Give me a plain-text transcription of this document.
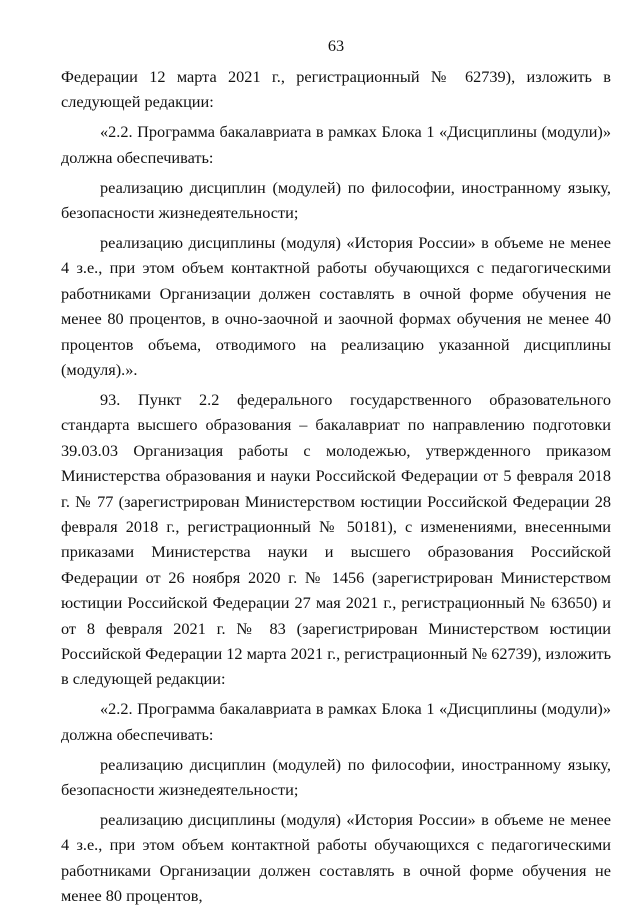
63

Федерации 12 марта 2021 г., регистрационный № 62739), изложить в следующей редакции:

«2.2. Программа бакалавриата в рамках Блока 1 «Дисциплины (модули)» должна обеспечивать:

реализацию дисциплин (модулей) по философии, иностранному языку, безопасности жизнедеятельности;

реализацию дисциплины (модуля) «История России» в объеме не менее 4 з.е., при этом объем контактной работы обучающихся с педагогическими работниками Организации должен составлять в очной форме обучения не менее 80 процентов, в очно-заочной и заочной формах обучения не менее 40 процентов объема, отводимого на реализацию указанной дисциплины (модуля).».

93. Пункт 2.2 федерального государственного образовательного стандарта высшего образования – бакалавриат по направлению подготовки 39.03.03 Организация работы с молодежью, утвержденного приказом Министерства образования и науки Российской Федерации от 5 февраля 2018 г. № 77 (зарегистрирован Министерством юстиции Российской Федерации 28 февраля 2018 г., регистрационный № 50181), с изменениями, внесенными приказами Министерства науки и высшего образования Российской Федерации от 26 ноября 2020 г. № 1456 (зарегистрирован Министерством юстиции Российской Федерации 27 мая 2021 г., регистрационный № 63650) и от 8 февраля 2021 г. № 83 (зарегистрирован Министерством юстиции Российской Федерации 12 марта 2021 г., регистрационный № 62739), изложить в следующей редакции:

«2.2. Программа бакалавриата в рамках Блока 1 «Дисциплины (модули)» должна обеспечивать:

реализацию дисциплин (модулей) по философии, иностранному языку, безопасности жизнедеятельности;

реализацию дисциплины (модуля) «История России» в объеме не менее 4 з.е., при этом объем контактной работы обучающихся с педагогическими работниками Организации должен составлять в очной форме обучения не менее 80 процентов,
